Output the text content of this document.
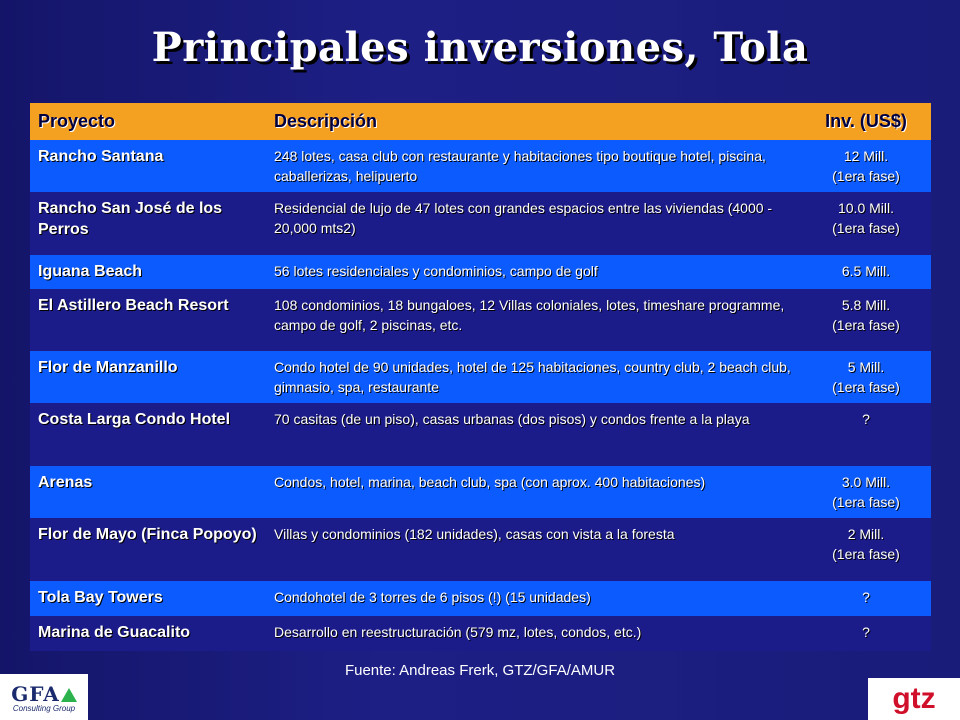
Principales inversiones, Tola
Proyecto	Descripción	Inv. (US$)
Rancho Santana	248 lotes, casa club con restaurante y habitaciones tipo boutique hotel, piscina, caballerizas, helipuerto	12 Mill.
(1era fase)

Rancho San José de los Perros	Residencial de lujo de 47 lotes con grandes espacios entre las viviendas (4000 - 20,000 mts2)	10.0 Mill.
(1era fase)

Iguana Beach	56 lotes residenciales y condominios, campo de golf	6.5 Mill.

El Astillero Beach Resort	108 condominios, 18 bungaloes, 12 Villas coloniales, lotes, timeshare programme, campo de golf, 2 piscinas, etc.	5.8 Mill.
(1era fase)

Flor de Manzanillo	Condo hotel de 90 unidades, hotel de 125 habitaciones, country club, 2 beach club, gimnasio, spa, restaurante	5 Mill.
(1era fase)

Costa Larga Condo Hotel	70 casitas (de un piso), casas urbanas (dos pisos) y condos frente a la playa	?

Arenas	Condos, hotel, marina, beach club, spa (con aprox. 400 habitaciones)	3.0 Mill.
(1era fase)

Flor de Mayo (Finca Popoyo)	Villas y condominios (182 unidades), casas con vista a la foresta	2 Mill.
(1era fase)

Tola Bay Towers	Condohotel de 3 torres de 6 pisos (!) (15 unidades)	?

Marina de Guacalito	Desarrollo en reestructuración (579 mz, lotes, condos, etc.)	?
Fuente: Andreas Frerk, GTZ/GFA/AMUR
GFA
Consulting Group	gtz
